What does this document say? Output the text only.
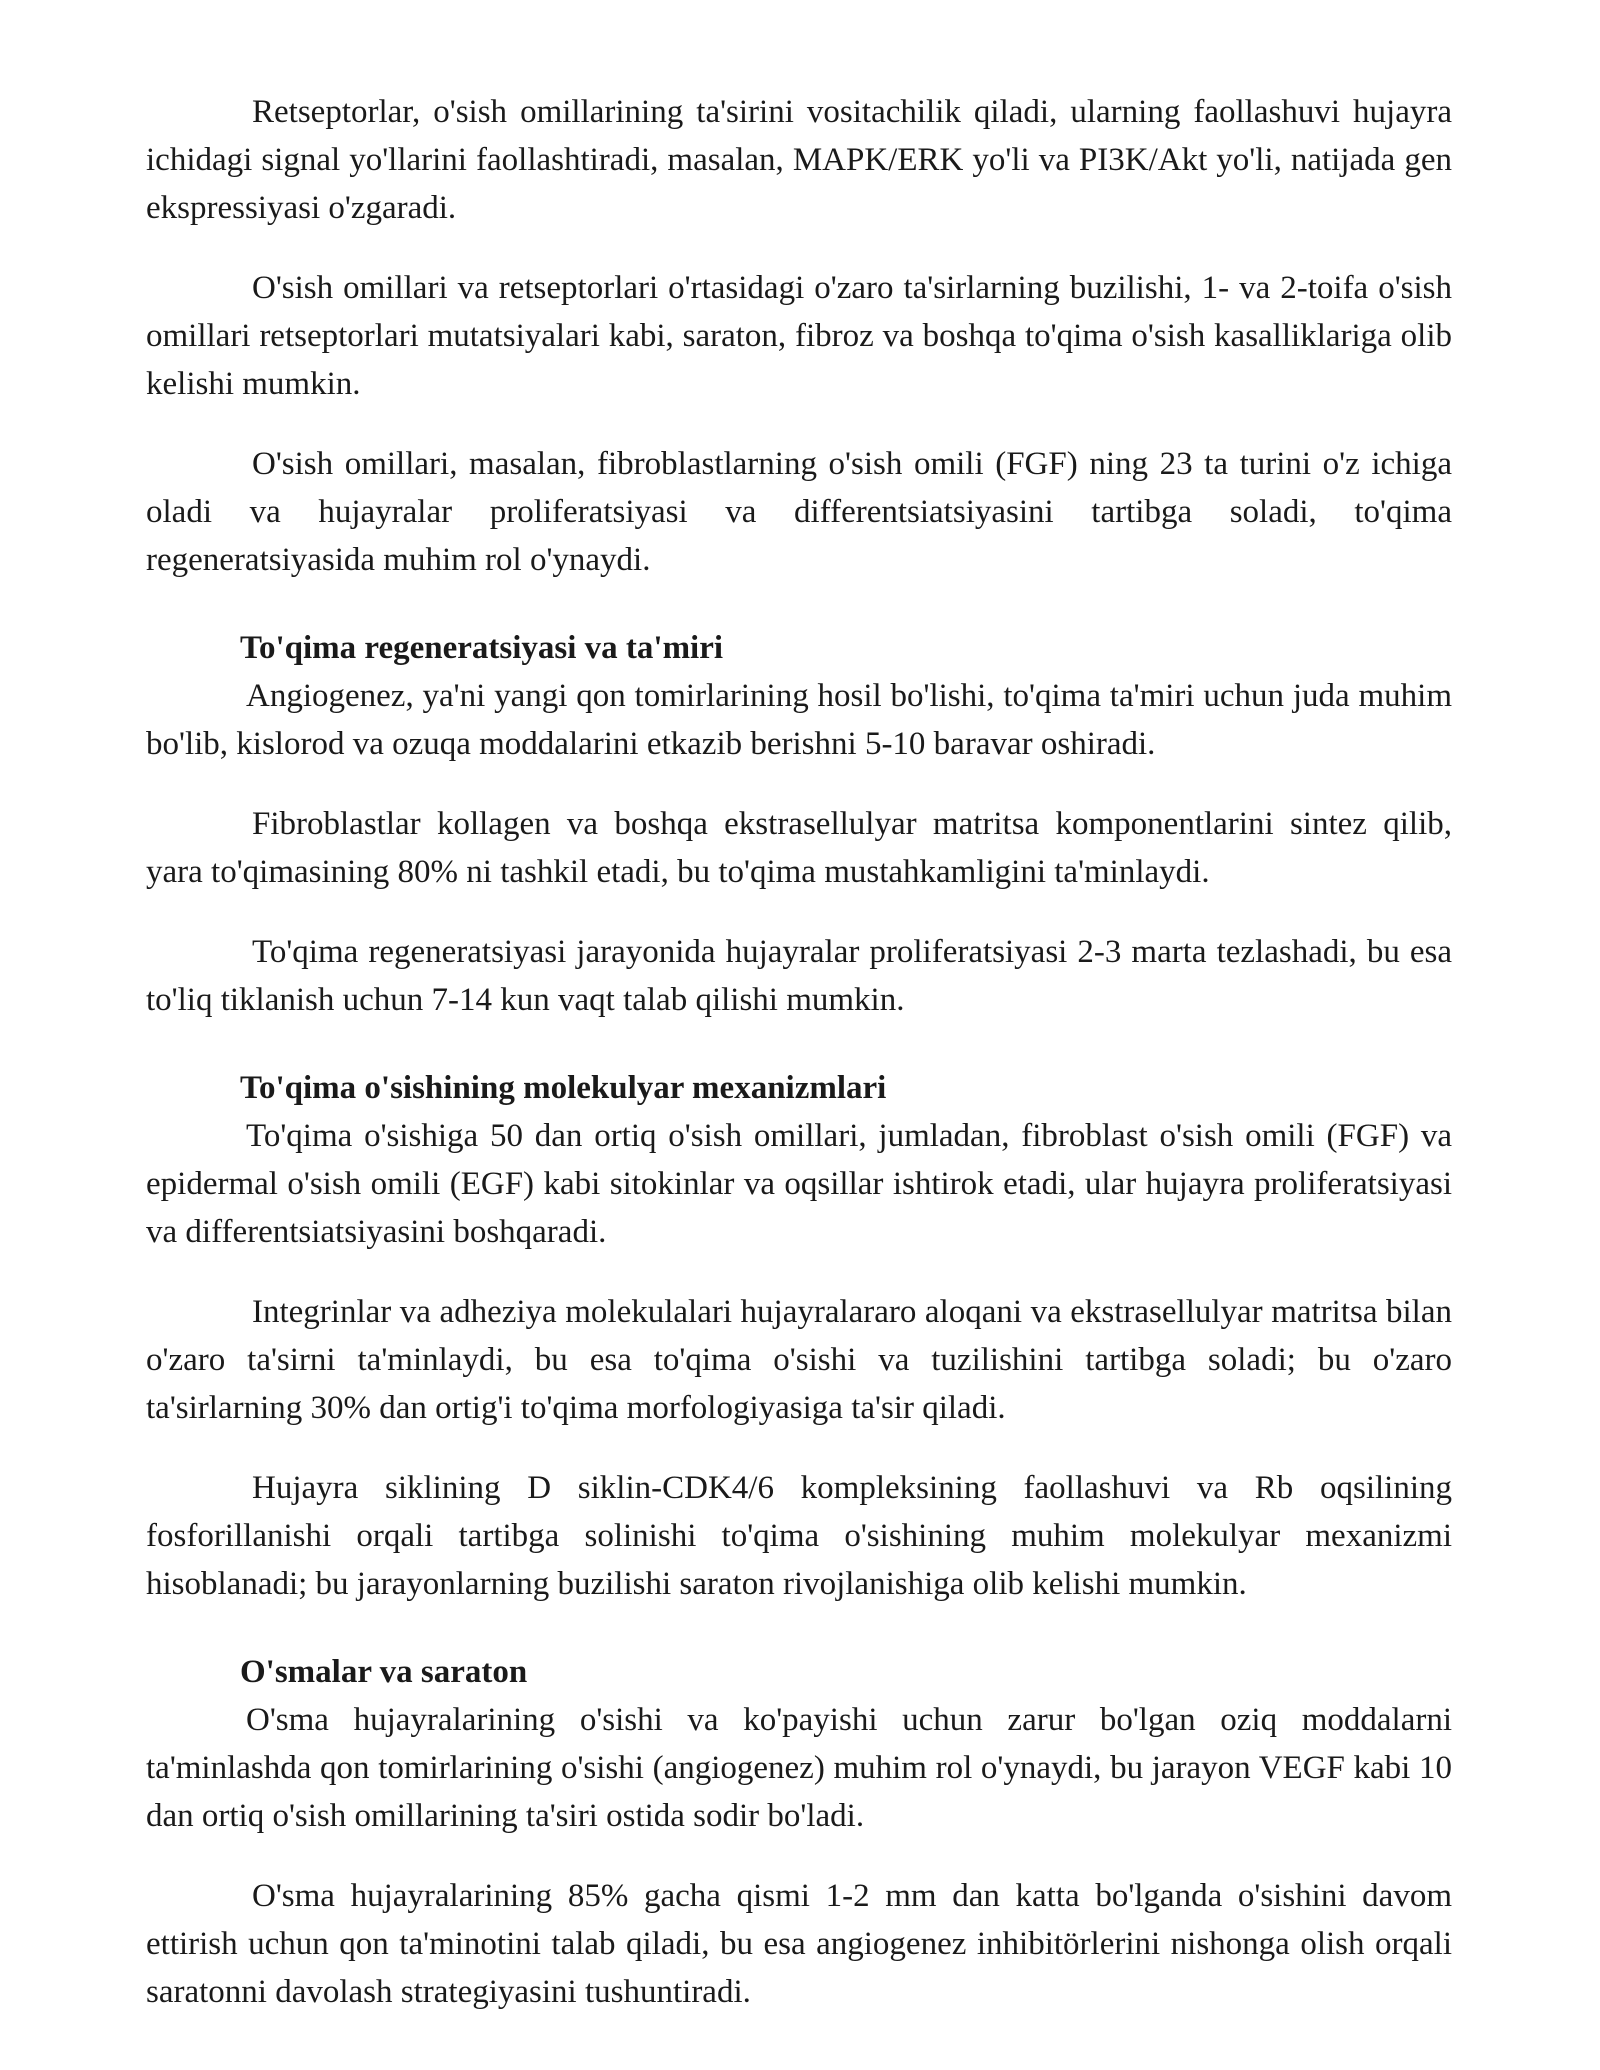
Retseptorlar, o'sish omillarining ta'sirini vositachilik qiladi, ularning faollashuvi hujayra ichidagi signal yo'llarini faollashtiradi, masalan, MAPK/ERK yo'li va PI3K/Akt yo'li, natijada gen ekspressiyasi o'zgaradi.

O'sish omillari va retseptorlari o'rtasidagi o'zaro ta'sirlarning buzilishi, 1- va 2-toifa o'sish omillari retseptorlari mutatsiyalari kabi, saraton, fibroz va boshqa to'qima o'sish kasalliklariga olib kelishi mumkin.

O'sish omillari, masalan, fibroblastlarning o'sish omili (FGF) ning 23 ta turini o'z ichiga oladi va hujayralar proliferatsiyasi va differentsiatsiyasini tartibga soladi, to'qima regeneratsiyasida muhim rol o'ynaydi.

To'qima regeneratsiyasi va ta'miri

Angiogenez, ya'ni yangi qon tomirlarining hosil bo'lishi, to'qima ta'miri uchun juda muhim bo'lib, kislorod va ozuqa moddalarini etkazib berishni 5-10 baravar oshiradi.

Fibroblastlar kollagen va boshqa ekstrasellulyar matritsa komponentlarini sintez qilib, yara to'qimasining 80% ni tashkil etadi, bu to'qima mustahkamligini ta'minlaydi.

To'qima regeneratsiyasi jarayonida hujayralar proliferatsiyasi 2-3 marta tezlashadi, bu esa to'liq tiklanish uchun 7-14 kun vaqt talab qilishi mumkin.

To'qima o'sishining molekulyar mexanizmlari

To'qima o'sishiga 50 dan ortiq o'sish omillari, jumladan, fibroblast o'sish omili (FGF) va epidermal o'sish omili (EGF) kabi sitokinlar va oqsillar ishtirok etadi, ular hujayra proliferatsiyasi va differentsiatsiyasini boshqaradi.

Integrinlar va adheziya molekulalari hujayralararo aloqani va ekstrasellulyar matritsa bilan o'zaro ta'sirni ta'minlaydi, bu esa to'qima o'sishi va tuzilishini tartibga soladi; bu o'zaro ta'sirlarning 30% dan ortig'i to'qima morfologiyasiga ta'sir qiladi.

Hujayra siklining D siklin-CDK4/6 kompleksining faollashuvi va Rb oqsilining fosforillanishi orqali tartibga solinishi to'qima o'sishining muhim molekulyar mexanizmi hisoblanadi; bu jarayonlarning buzilishi saraton rivojlanishiga olib kelishi mumkin.

O'smalar va saraton

O'sma hujayralarining o'sishi va ko'payishi uchun zarur bo'lgan oziq moddalarni ta'minlashda qon tomirlarining o'sishi (angiogenez) muhim rol o'ynaydi, bu jarayon VEGF kabi 10 dan ortiq o'sish omillarining ta'siri ostida sodir bo'ladi.

O'sma hujayralarining 85% gacha qismi 1-2 mm dan katta bo'lganda o'sishini davom ettirish uchun qon ta'minotini talab qiladi, bu esa angiogenez inhibitörlerini nishonga olish orqali saratonni davolash strategiyasini tushuntiradi.
